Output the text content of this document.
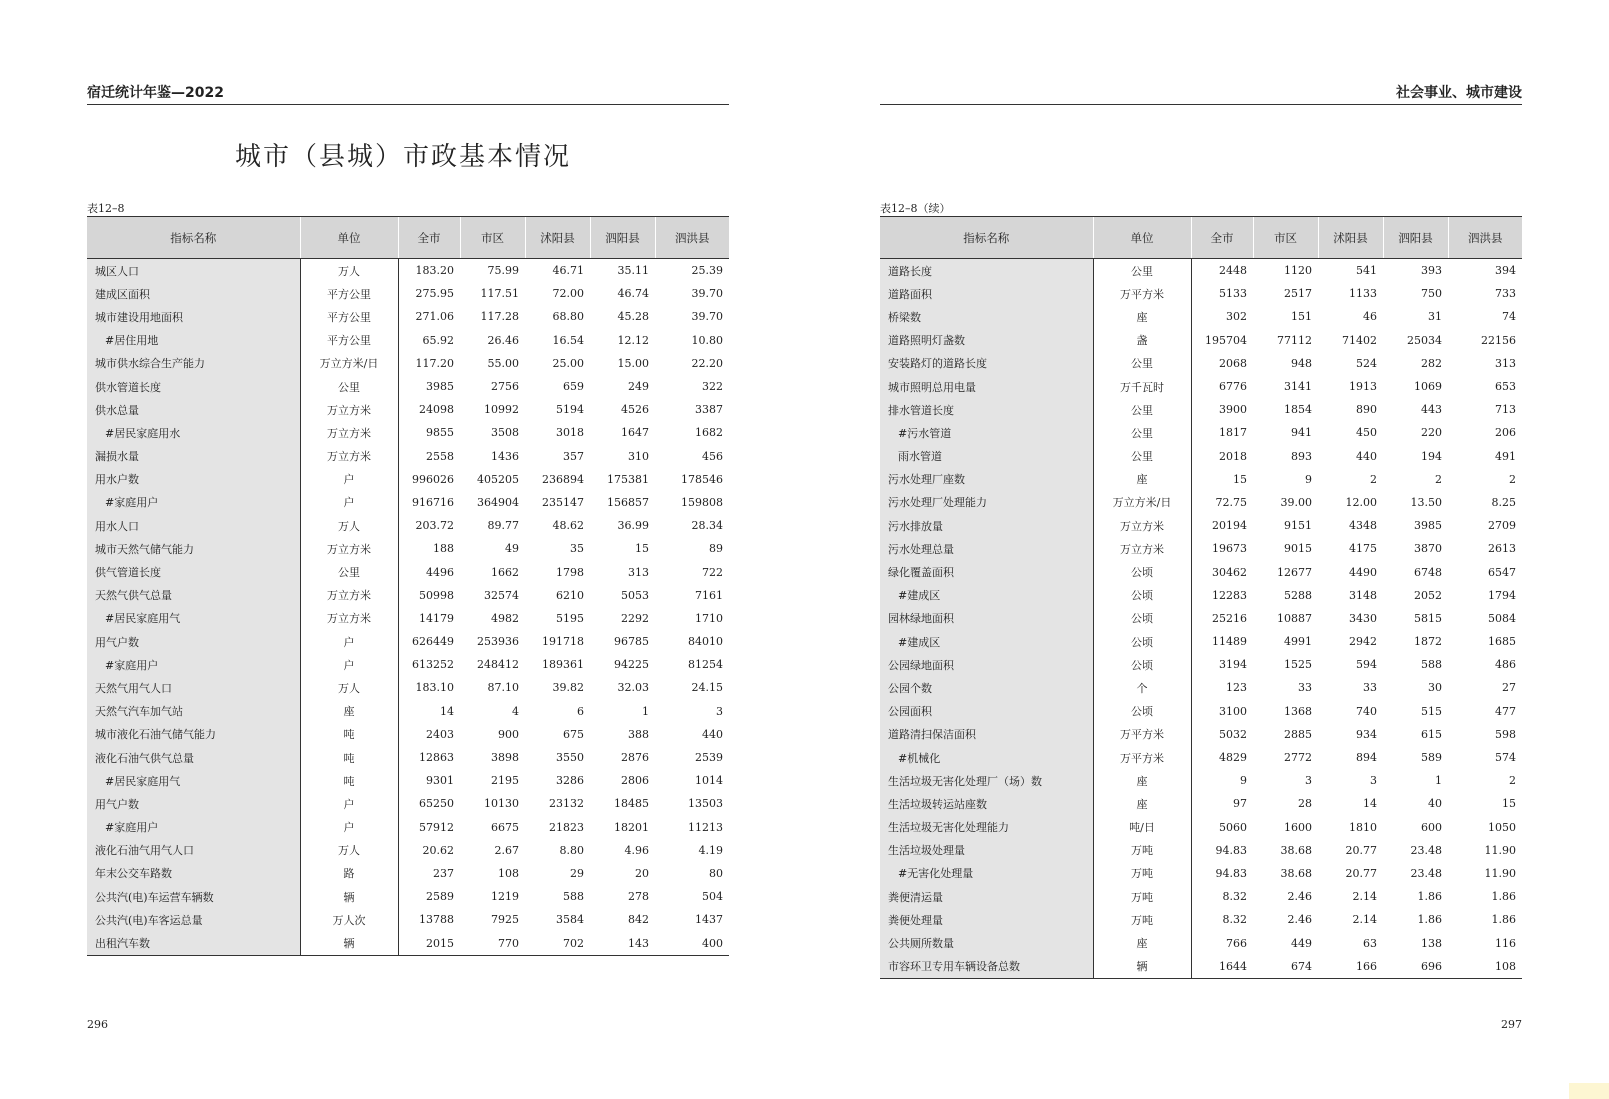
宿迁统计年鉴—2022
城市（县城）市政基本情况
表12–8
指标名称	单位	全市	市区	沭阳县	泗阳县	泗洪县
城区人口	万人	183.20	75.99	46.71	35.11	25.39
建成区面积	平方公里	275.95	117.51	72.00	46.74	39.70
城市建设用地面积	平方公里	271.06	117.28	68.80	45.28	39.70
#居住用地	平方公里	65.92	26.46	16.54	12.12	10.80
城市供水综合生产能力	万立方米/日	117.20	55.00	25.00	15.00	22.20
供水管道长度	公里	3985	2756	659	249	322
供水总量	万立方米	24098	10992	5194	4526	3387
#居民家庭用水	万立方米	9855	3508	3018	1647	1682
漏损水量	万立方米	2558	1436	357	310	456
用水户数	户	996026	405205	236894	175381	178546
#家庭用户	户	916716	364904	235147	156857	159808
用水人口	万人	203.72	89.77	48.62	36.99	28.34
城市天然气储气能力	万立方米	188	49	35	15	89
供气管道长度	公里	4496	1662	1798	313	722
天然气供气总量	万立方米	50998	32574	6210	5053	7161
#居民家庭用气	万立方米	14179	4982	5195	2292	1710
用气户数	户	626449	253936	191718	96785	84010
#家庭用户	户	613252	248412	189361	94225	81254
天然气用气人口	万人	183.10	87.10	39.82	32.03	24.15
天然气汽车加气站	座	14	4	6	1	3
城市液化石油气储气能力	吨	2403	900	675	388	440
液化石油气供气总量	吨	12863	3898	3550	2876	2539
#居民家庭用气	吨	9301	2195	3286	2806	1014
用气户数	户	65250	10130	23132	18485	13503
#家庭用户	户	57912	6675	21823	18201	11213
液化石油气用气人口	万人	20.62	2.67	8.80	4.96	4.19
年末公交车路数	路	237	108	29	20	80
公共汽(电)车运营车辆数	辆	2589	1219	588	278	504
公共汽(电)车客运总量	万人次	13788	7925	3584	842	1437
出租汽车数	辆	2015	770	702	143	400
296
社会事业、城市建设
表12–8（续）
指标名称	单位	全市	市区	沭阳县	泗阳县	泗洪县
道路长度	公里	2448	1120	541	393	394
道路面积	万平方米	5133	2517	1133	750	733
桥梁数	座	302	151	46	31	74
道路照明灯盏数	盏	195704	77112	71402	25034	22156
安装路灯的道路长度	公里	2068	948	524	282	313
城市照明总用电量	万千瓦时	6776	3141	1913	1069	653
排水管道长度	公里	3900	1854	890	443	713
#污水管道	公里	1817	941	450	220	206
雨水管道	公里	2018	893	440	194	491
污水处理厂座数	座	15	9	2	2	2
污水处理厂处理能力	万立方米/日	72.75	39.00	12.00	13.50	8.25
污水排放量	万立方米	20194	9151	4348	3985	2709
污水处理总量	万立方米	19673	9015	4175	3870	2613
绿化覆盖面积	公顷	30462	12677	4490	6748	6547
#建成区	公顷	12283	5288	3148	2052	1794
园林绿地面积	公顷	25216	10887	3430	5815	5084
#建成区	公顷	11489	4991	2942	1872	1685
公园绿地面积	公顷	3194	1525	594	588	486
公园个数	个	123	33	33	30	27
公园面积	公顷	3100	1368	740	515	477
道路清扫保洁面积	万平方米	5032	2885	934	615	598
#机械化	万平方米	4829	2772	894	589	574
生活垃圾无害化处理厂（场）数	座	9	3	3	1	2
生活垃圾转运站座数	座	97	28	14	40	15
生活垃圾无害化处理能力	吨/日	5060	1600	1810	600	1050
生活垃圾处理量	万吨	94.83	38.68	20.77	23.48	11.90
#无害化处理量	万吨	94.83	38.68	20.77	23.48	11.90
粪便清运量	万吨	8.32	2.46	2.14	1.86	1.86
粪便处理量	万吨	8.32	2.46	2.14	1.86	1.86
公共厕所数量	座	766	449	63	138	116
市容环卫专用车辆设备总数	辆	1644	674	166	696	108
297
